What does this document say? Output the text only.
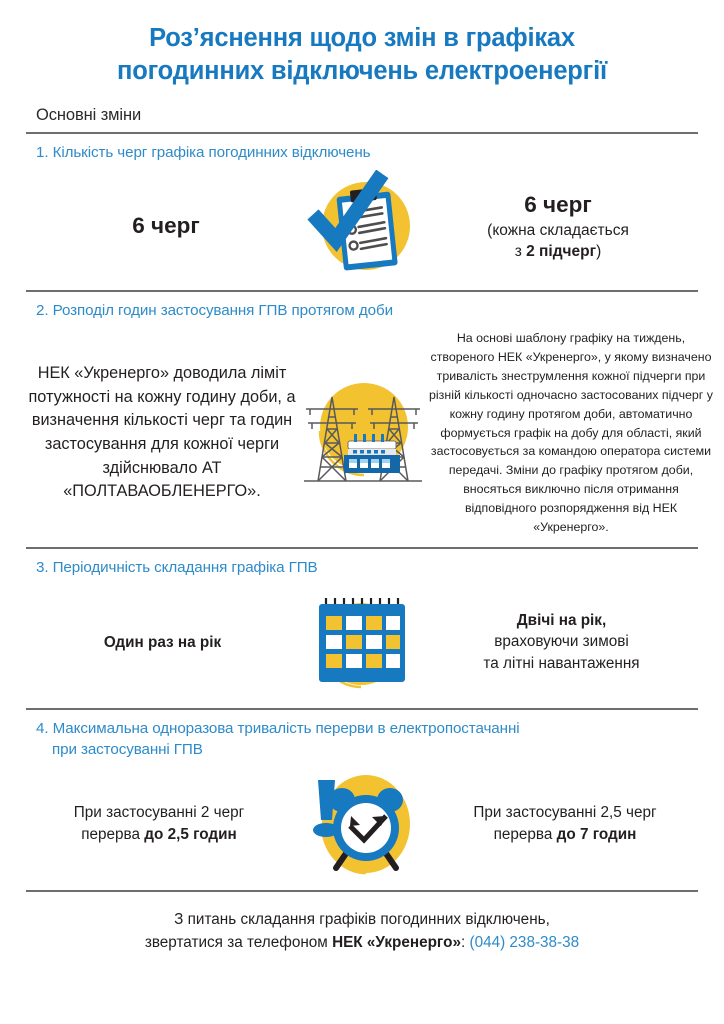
Роз’яснення щодо змін в графіках
погодинних відключень електроенергії
Основні зміни
1. Кількість черг графіка погодинних відключень
6 черг
6 черг
(кожна складається
з 2 підчерг)
2. Розподіл годин застосування ГПВ протягом доби
НЕК «Укренерго» доводила ліміт потужності на кожну годину доби, а визначення кількості черг та годин застосування для кожної черги здійснювало АТ «ПОЛТАВАОБЛЕНЕРГО».
На основі шаблону графіку на тиждень, створеного НЕК «Укренерго», у якому визначено тривалість знеструмлення кожної підчерги при різній кількості одночасно застосованих підчерг у кожну годину протягом доби, автоматично формується графік на добу для області, який застосовується за командою оператора системи передачі. Зміни до графіку протягом доби, вносяться виключно після отримання відповідного розпорядження від НЕК «Укренерго».
3. Періодичність складання графіка ГПВ
Один раз на рік
Двічі на рік,
враховуючи зимові
та літні навантаження
4. Максимальна одноразова тривалість перерви в електропостачанні
при застосуванні ГПВ
При застосуванні 2 черг
перерва до 2,5 годин
При застосуванні 2,5 черг
перерва до 7 годин
З питань складання графіків погодинних відключень,
звертатися за телефоном НЕК «Укренерго»: (044) 238-38-38
